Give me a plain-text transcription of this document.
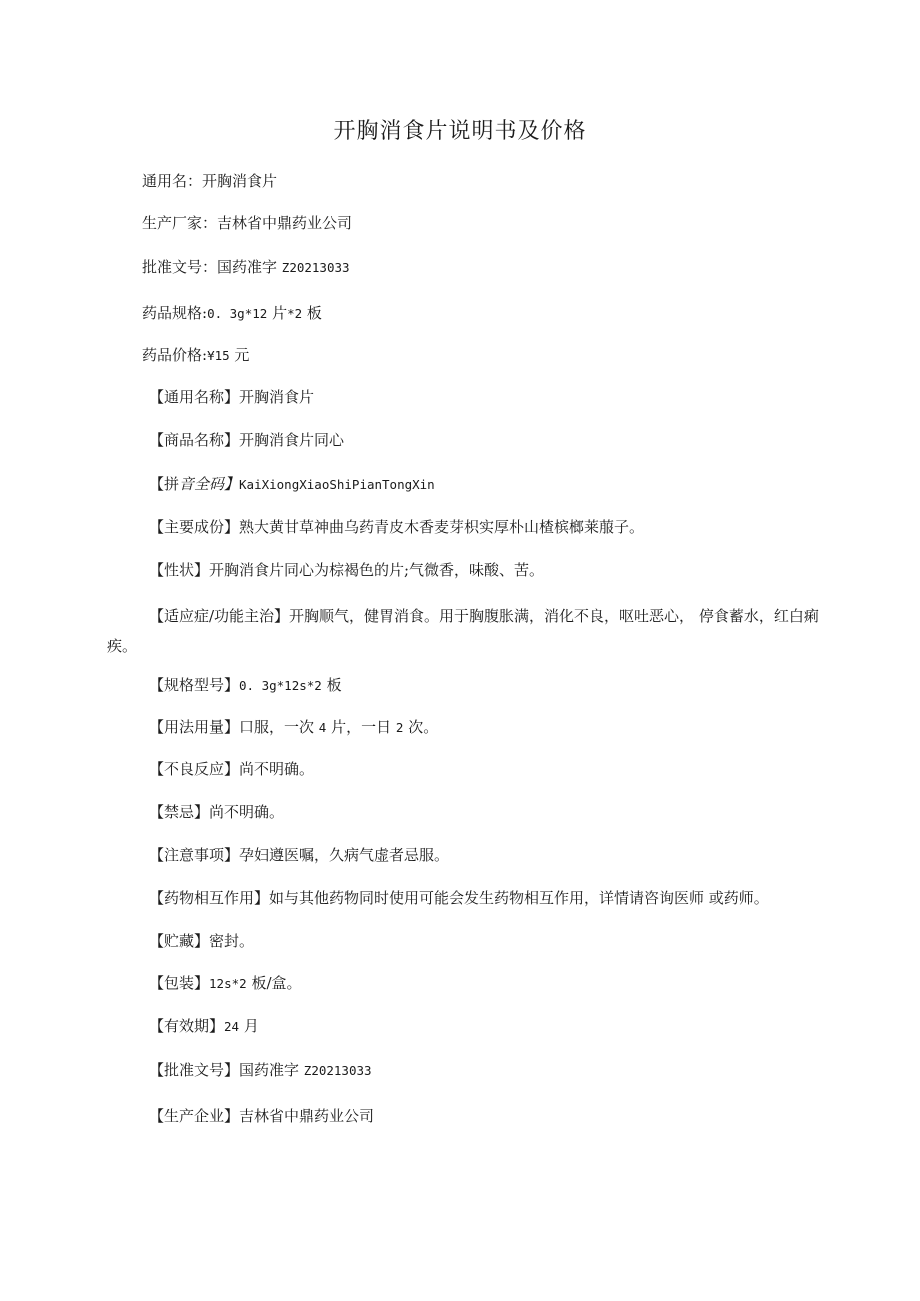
开胸消食片说明书及价格
通用名：开胸消食片
生产厂家：吉林省中鼎药业公司
批准文号：国药准字 Z20213033
药品规格:0. 3g*12 片*2 板
药品价格:¥15 元
【通用名称】开胸消食片
【商品名称】开胸消食片同心
【拼音全码】KaiXiongXiaoShiPianTongXin
【主要成份】熟大黄甘草神曲乌药青皮木香麦芽枳实厚朴山楂槟榔莱菔子。
【性状】开胸消食片同心为棕褐色的片;气微香，味酸、苦。
【适应症/功能主治】开胸顺气，健胃消食。用于胸腹胀满，消化不良，呕吐恶心， 停食蓄水，红白痢疾。
【规格型号】0. 3g*12s*2 板
【用法用量】口服，一次 4 片，一日 2 次。
【不良反应】尚不明确。
【禁忌】尚不明确。
【注意事项】孕妇遵医嘱，久病气虚者忌服。
【药物相互作用】如与其他药物同时使用可能会发生药物相互作用，详情请咨询医师 或药师。
【贮藏】密封。
【包装】12s*2 板/盒。
【有效期】24 月
【批准文号】国药准字 Z20213033
【生产企业】吉林省中鼎药业公司
